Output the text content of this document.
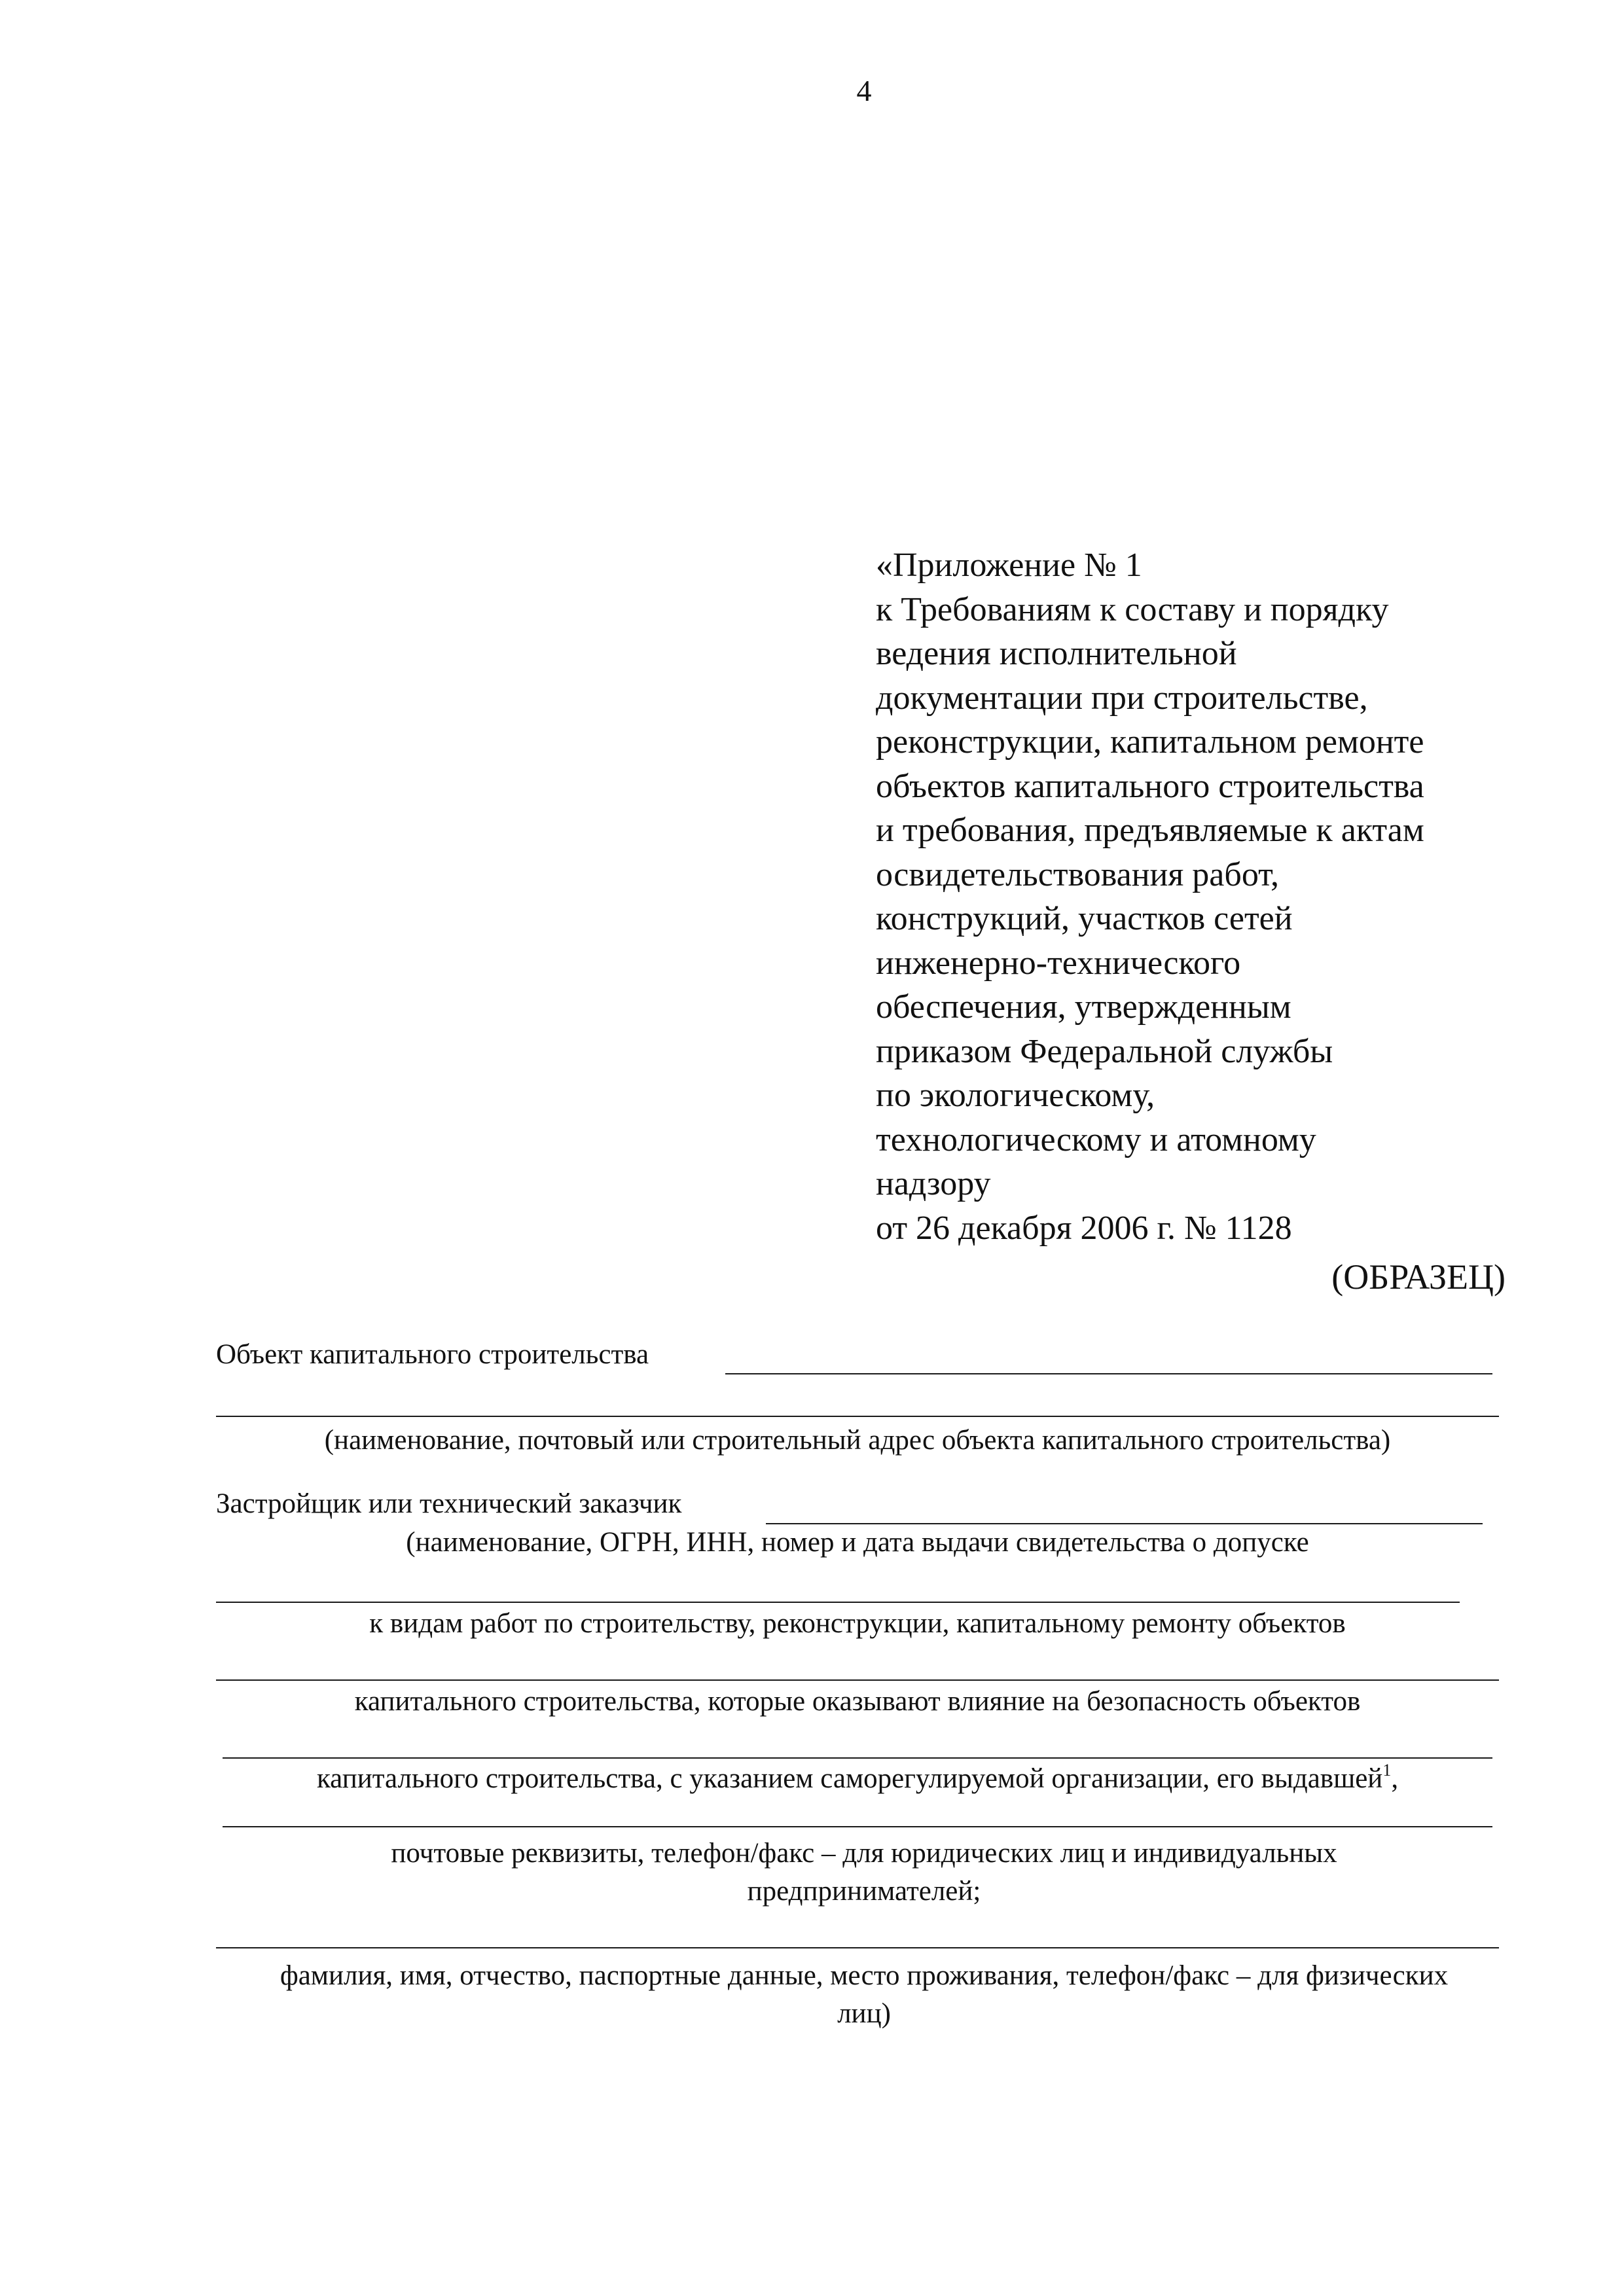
4
«Приложение № 1
к Требованиям к составу и порядку
ведения исполнительной
документации при строительстве,
реконструкции, капитальном ремонте
объектов капитального строительства
и требования, предъявляемые к актам
освидетельствования работ,
конструкций, участков сетей
инженерно-технического
обеспечения, утвержденным
приказом Федеральной службы
по экологическому,
технологическому и атомному
надзору
от 26 декабря 2006 г. № 1128
(ОБРАЗЕЦ)
Объект капитального строительства
(наименование, почтовый или строительный адрес объекта капитального строительства)
Застройщик или технический заказчик
(наименование, ОГРН, ИНН, номер и дата выдачи свидетельства о допуске
к видам работ по строительству, реконструкции, капитальному ремонту объектов
капитального строительства, которые оказывают влияние на безопасность объектов
капитального строительства, с указанием саморегулируемой организации, его выдавшей$^1$,
почтовые реквизиты, телефон/факс – для юридических лиц и индивидуальных предпринимателей;
фамилия, имя, отчество, паспортные данные, место проживания, телефон/факс – для физических лиц)
